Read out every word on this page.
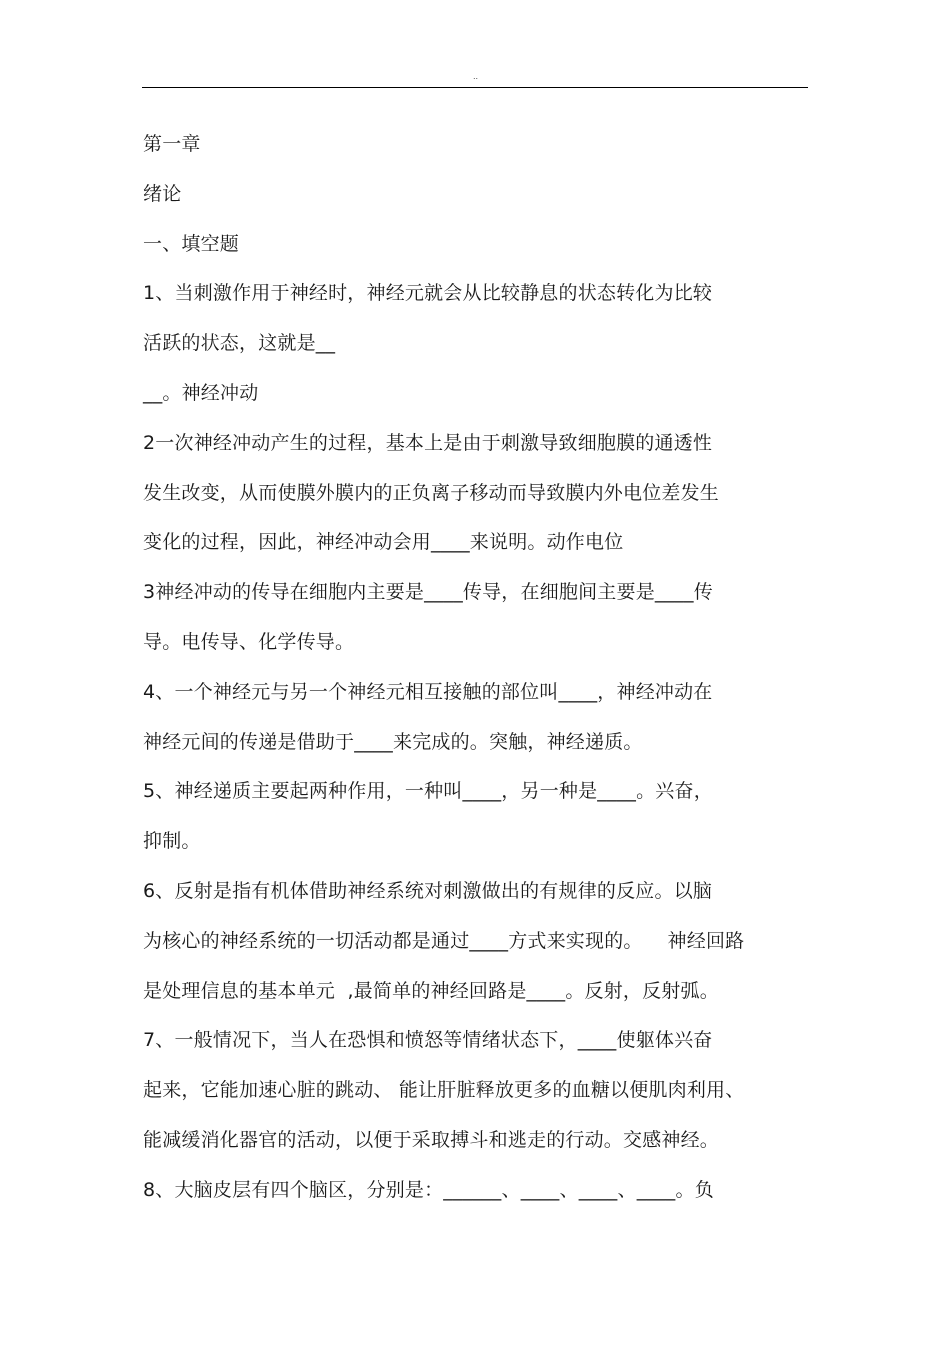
..
第一章
绪论
一、填空题
1、当刺激作用于神经时，神经元就会从比较静息的状态转化为比较
活跃的状态，这就是__
__。神经冲动
2一次神经冲动产生的过程，基本上是由于刺激导致细胞膜的通透性
发生改变，从而使膜外膜内的正负离子移动而导致膜内外电位差发生
变化的过程，因此，神经冲动会用____来说明。动作电位
3神经冲动的传导在细胞内主要是____传导，在细胞间主要是____传
导。电传导、化学传导。
4、一个神经元与另一个神经元相互接触的部位叫____，神经冲动在
神经元间的传递是借助于____来完成的。突触，神经递质。
5、神经递质主要起两种作用，一种叫____，另一种是____。兴奋，
抑制。
6、反射是指有机体借助神经系统对刺激做出的有规律的反应。以脑
为核心的神经系统的一切活动都是通过____方式来实现的。    神经回路
是处理信息的基本单元  ,最简单的神经回路是____。反射，反射弧。
7、一般情况下，当人在恐惧和愤怒等情绪状态下，____使躯体兴奋
起来，它能加速心脏的跳动、 能让肝脏释放更多的血糖以便肌肉利用、
能减缓消化器官的活动，以便于采取搏斗和逃走的行动。交感神经。
8、大脑皮层有四个脑区，分别是：______、____、____、____。负
